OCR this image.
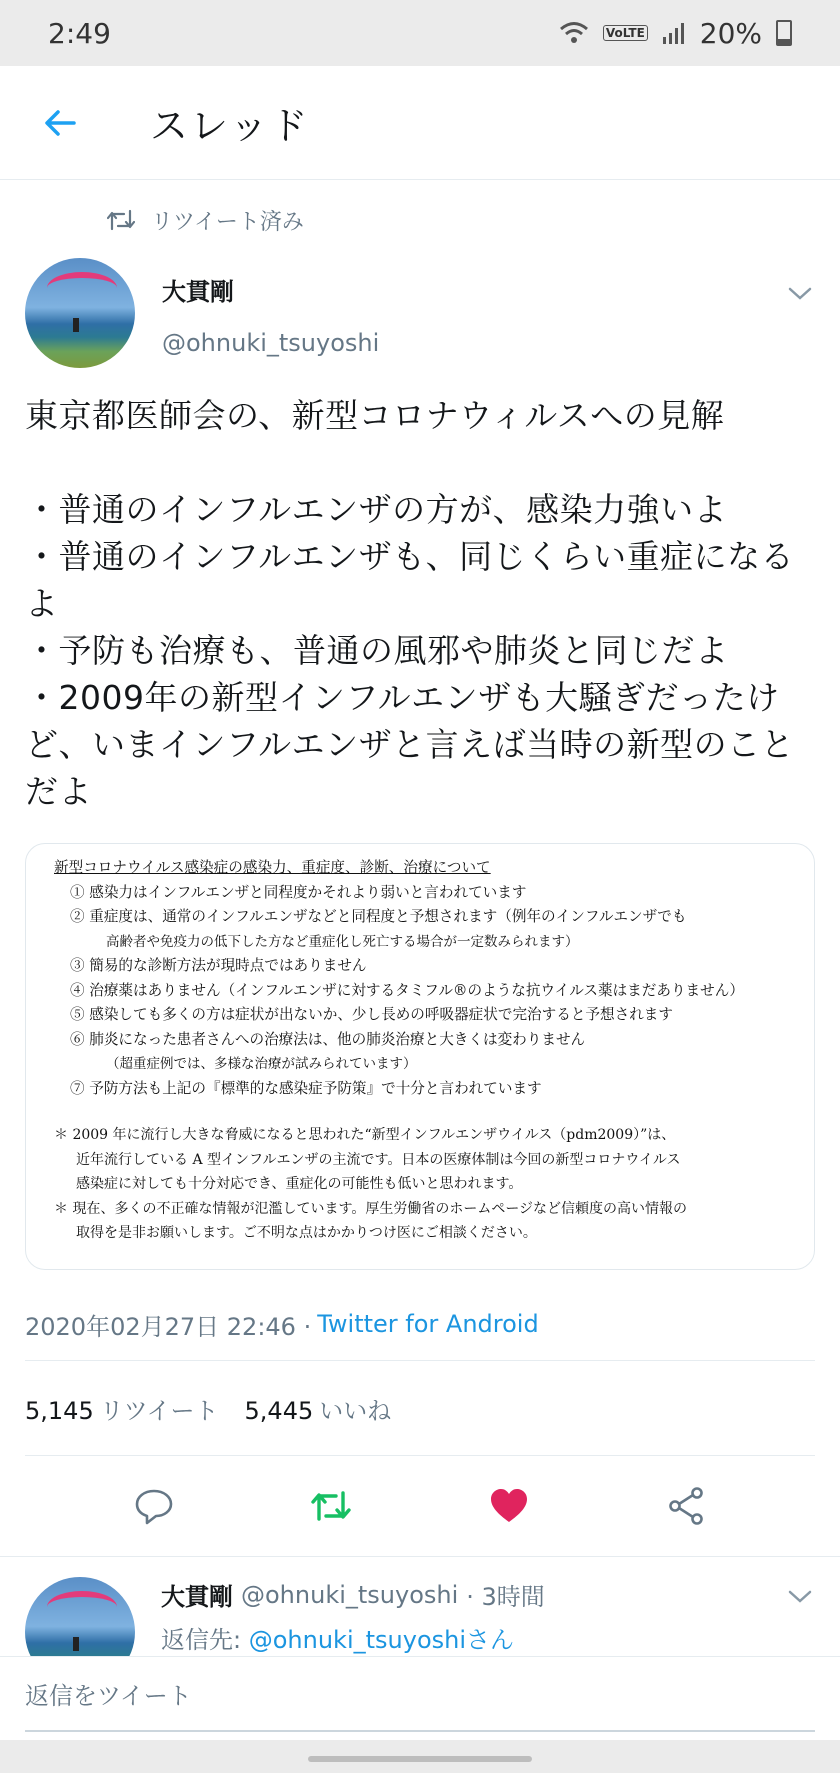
2:49	VoLTE 20%
スレッド
リツイート済み
大貫剛
@ohnuki_tsuyoshi
東京都医師会の、新型コロナウィルスへの見解

・普通のインフルエンザの方が、感染力強いよ
・普通のインフルエンザも、同じくらい重症になるよ
・予防も治療も、普通の風邪や肺炎と同じだよ
・2009年の新型インフルエンザも大騒ぎだったけど、いまインフルエンザと言えば当時の新型のことだよ
新型コロナウイルス感染症の感染力、重症度、診断、治療について
① 感染力はインフルエンザと同程度かそれより弱いと言われています
② 重症度は、通常のインフルエンザなどと同程度と予想されます（例年のインフルエンザでも
高齢者や免疫力の低下した方など重症化し死亡する場合が一定数みられます）
③ 簡易的な診断方法が現時点ではありません
④ 治療薬はありません（インフルエンザに対するタミフル®のような抗ウイルス薬はまだありません）
⑤ 感染しても多くの方は症状が出ないか、少し長めの呼吸器症状で完治すると予想されます
⑥ 肺炎になった患者さんへの治療法は、他の肺炎治療と大きくは変わりません
（超重症例では、多様な治療が試みられています）
⑦ 予防方法も上記の『標準的な感染症予防策』で十分と言われています
＊ 2009 年に流行し大きな脅威になると思われた“新型インフルエンザウイルス（pdm2009）”は、
近年流行している A 型インフルエンザの主流です。日本の医療体制は今回の新型コロナウイルス
感染症に対しても十分対応でき、重症化の可能性も低いと思われます。
＊ 現在、多くの不正確な情報が氾濫しています。厚生労働省のホームページなど信頼度の高い情報の
取得を是非お願いします。ご不明な点はかかりつけ医にご相談ください。
2020年02月27日 22:46 · Twitter for Android
5,145 リツイート 5,445 いいね
大貫剛 @ohnuki_tsuyoshi · 3時間
返信先: @ohnuki_tsuyoshiさん
返信をツイート
